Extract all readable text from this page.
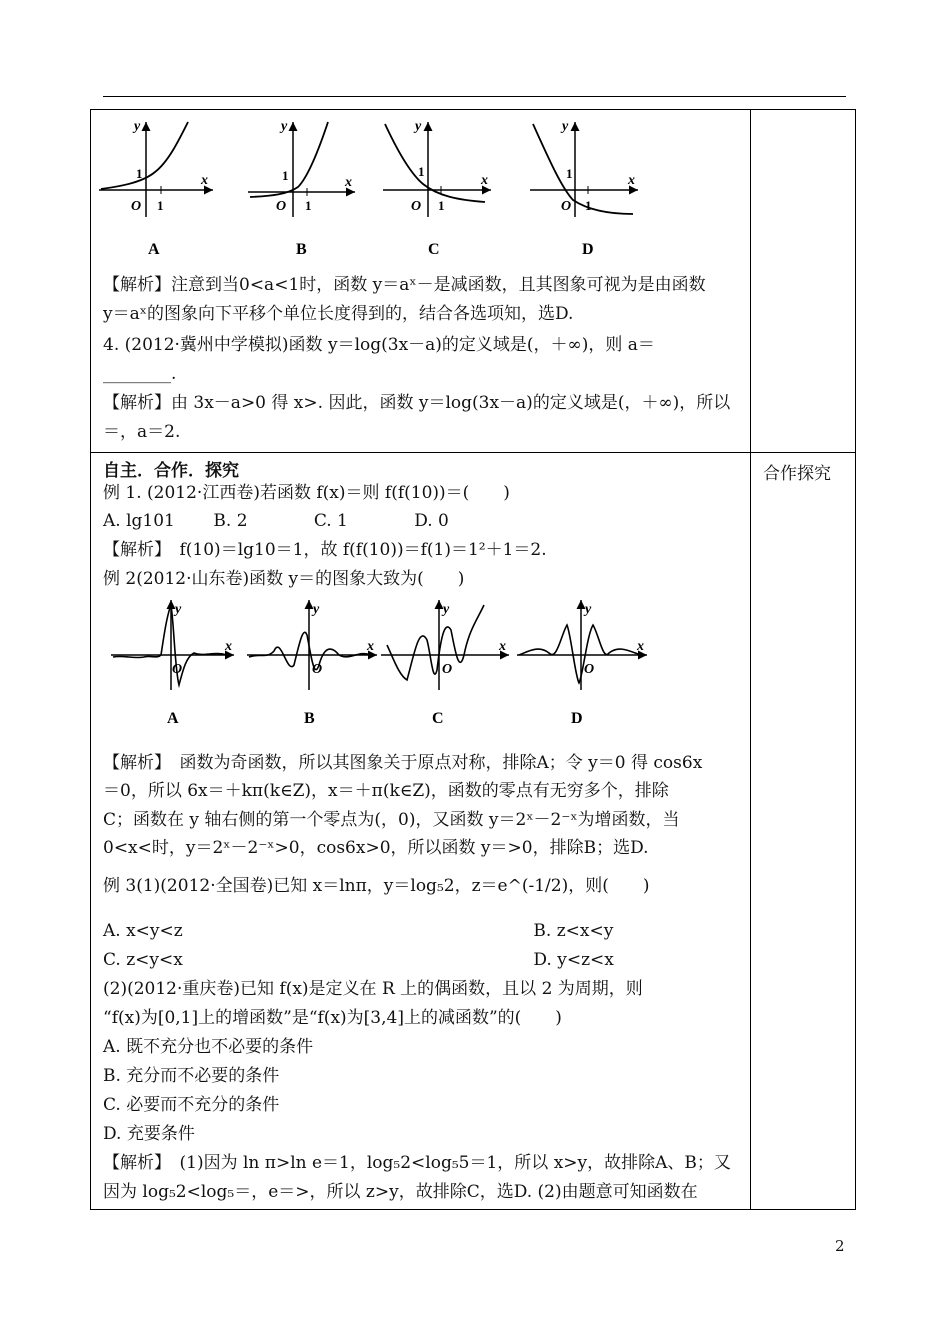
y
x
O
1
1
A
y
x
O
1
1
B
y
x
O
1
1
C
y
x
O
1
1
D
【解析】注意到当0<a<1时，函数 y＝aˣ－是减函数，且其图象可视为是由函数
y＝aˣ的图象向下平移个单位长度得到的，结合各选项知，选D.
4. (2012·冀州中学模拟)函数 y＝log(3x－a)的定义域是(，＋∞)，则 a＝
________.
【解析】由 3x－a>0 得 x>. 因此，函数 y＝log(3x－a)的定义域是(，＋∞)，所以
＝，a＝2.
自主．合作．探究
例 1. (2012·江西卷)若函数 f(x)＝则 f(f(10))＝(　　)
A. lg101 B. 2	C. 1	D. 0
【解析】　f(10)＝lg10＝1，故 f(f(10))＝f(1)＝1²＋1＝2.
例 2(2012·山东卷)函数 y＝的图象大致为(　　)
y
x
O
A
y
x
O
B
y
x
O
C
y
x
O
D
【解析】　函数为奇函数，所以其图象关于原点对称，排除A；令 y＝0 得 cos6x
＝0，所以 6x＝＋kπ(k∈Z)，x＝＋π(k∈Z)，函数的零点有无穷多个，排除
C；函数在 y 轴右侧的第一个零点为(，0)，又函数 y＝2ˣ－2⁻ˣ为增函数，当
0<x<时，y＝2ˣ－2⁻ˣ>0，cos6x>0，所以函数 y＝>0，排除B；选D.
例 3(1)(2012·全国卷)已知 x＝lnπ，y＝log₅2，z＝e^(-1/2)，则(　　)
A. x<y<z	B. z<x<y
C. z<y<x	D. y<z<x
(2)(2012·重庆卷)已知 f(x)是定义在 R 上的偶函数，且以 2 为周期，则
“f(x)为[0,1]上的增函数”是“f(x)为[3,4]上的减函数”的(　　)
A. 既不充分也不必要的条件
B. 充分而不必要的条件
C. 必要而不充分的条件
D. 充要条件
【解析】　(1)因为 ln π>ln e＝1，log₅2<log₅5＝1，所以 x>y，故排除A、B；又
因为 log₅2<log₅＝，e＝>，所以 z>y，故排除C，选D. (2)由题意可知函数在
合作探究
2
